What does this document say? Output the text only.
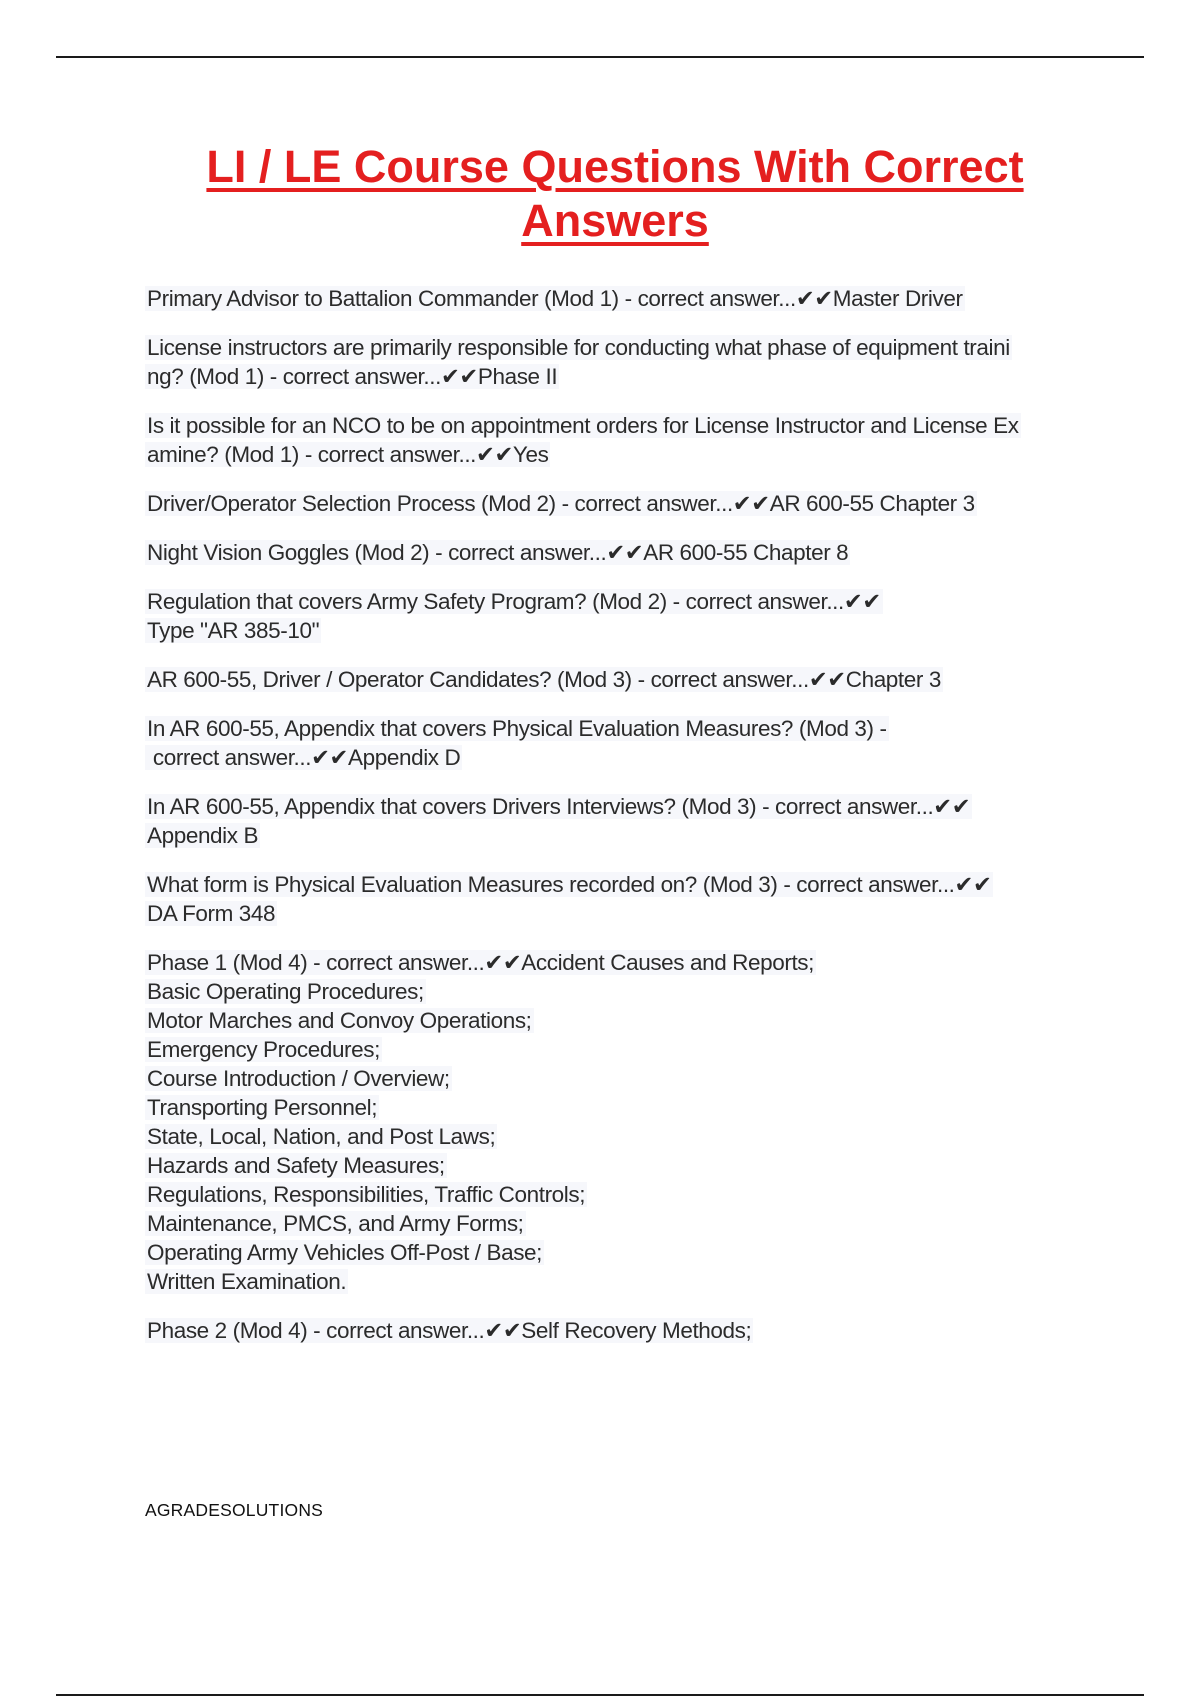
LI / LE Course Questions With Correct Answers
Primary Advisor to Battalion Commander (Mod 1) - correct answer...✔✔Master Driver
License instructors are primarily responsible for conducting what phase of equipment traini
ng? (Mod 1) - correct answer...✔✔Phase II
Is it possible for an NCO to be on appointment orders for License Instructor and License Ex
amine? (Mod 1) - correct answer...✔✔Yes
Driver/Operator Selection Process (Mod 2) - correct answer...✔✔AR 600-55 Chapter 3
Night Vision Goggles (Mod 2) - correct answer...✔✔AR 600-55 Chapter 8
Regulation that covers Army Safety Program? (Mod 2) - correct answer...✔✔
Type "AR 385-10"
AR 600-55, Driver / Operator Candidates? (Mod 3) - correct answer...✔✔Chapter 3
In AR 600-55, Appendix that covers Physical Evaluation Measures? (Mod 3) -
correct answer...✔✔Appendix D
In AR 600-55, Appendix that covers Drivers Interviews? (Mod 3) - correct answer...✔✔
Appendix B
What form is Physical Evaluation Measures recorded on? (Mod 3) - correct answer...✔✔
DA Form 348
Phase 1 (Mod 4) - correct answer...✔✔Accident Causes and Reports;
Basic Operating Procedures;
Motor Marches and Convoy Operations;
Emergency Procedures;
Course Introduction / Overview;
Transporting Personnel;
State, Local, Nation, and Post Laws;
Hazards and Safety Measures;
Regulations, Responsibilities, Traffic Controls;
Maintenance, PMCS, and Army Forms;
Operating Army Vehicles Off-Post / Base;
Written Examination.
Phase 2 (Mod 4) - correct answer...✔✔Self Recovery Methods;
AGRADESOLUTIONS
